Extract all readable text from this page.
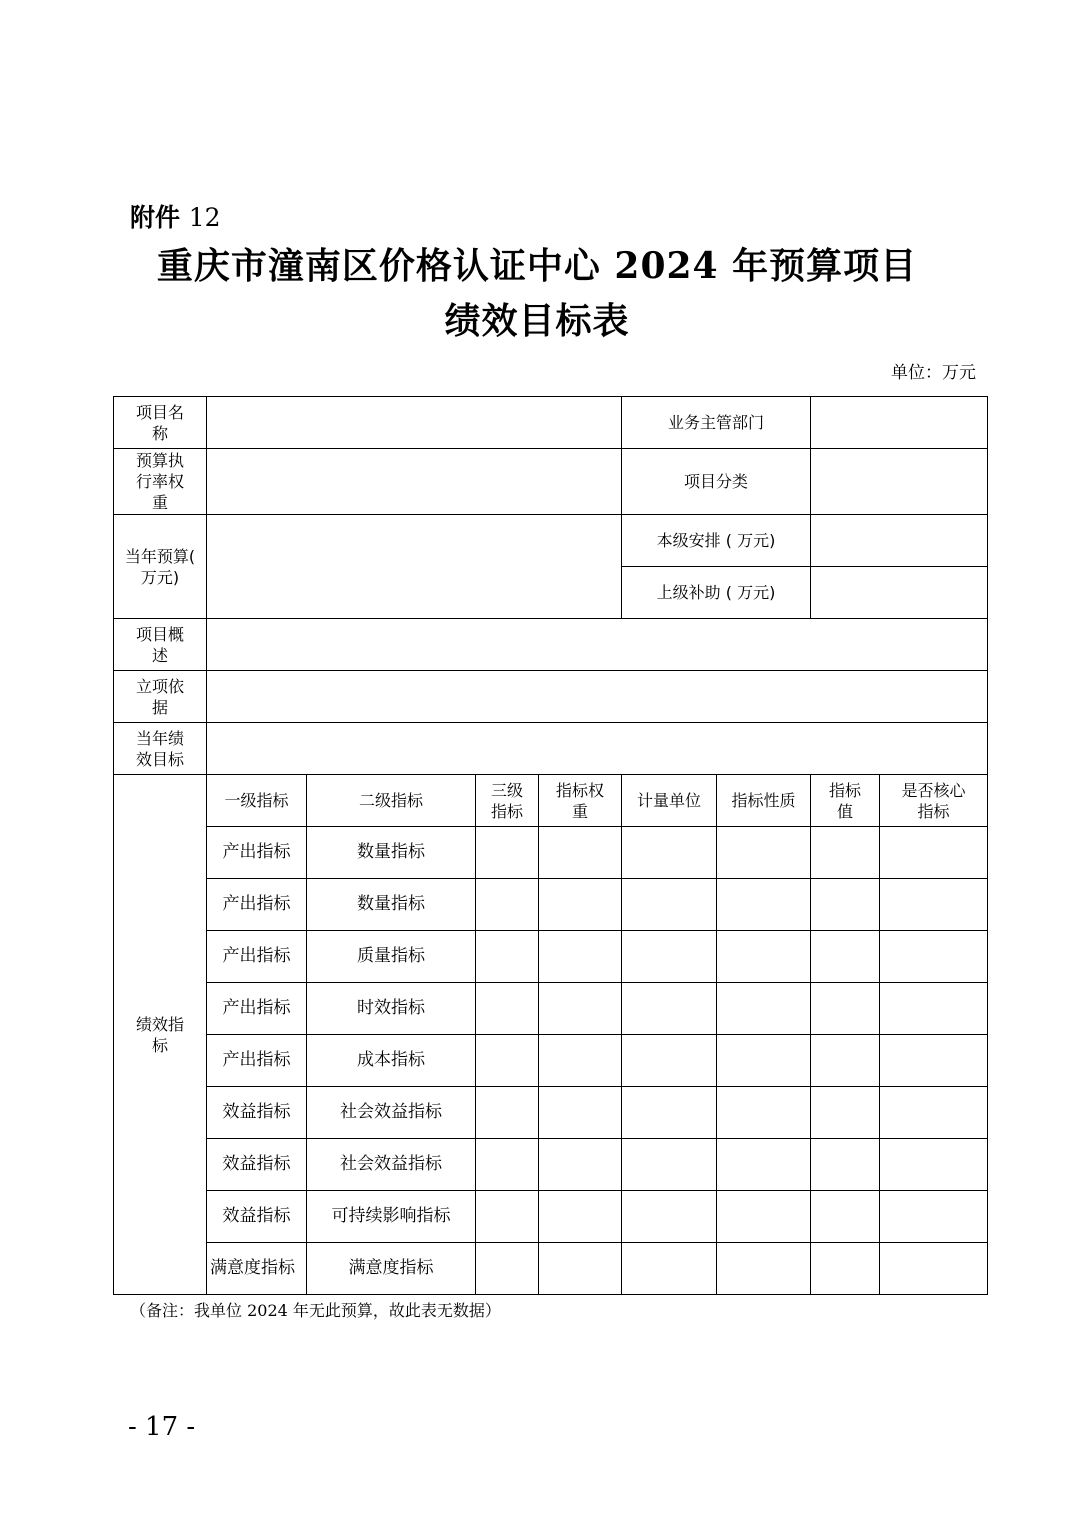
附件 12
重庆市潼南区价格认证中心 2024 年预算项目
绩效目标表
单位：万元
项目名称					业务主管部门			
预算执行率权重					项目分类			
当年预算( 万元)					本级安排 ( 万元)			
					上级补助 ( 万元)			
项目概述								
立项依据								
当年绩效目标								
绩效指标	一级指标	二级指标	三级指标	指标权重	计量单位	指标性质	指标值	是否核心指标
	产出指标	数量指标						
	产出指标	数量指标						
	产出指标	质量指标						
	产出指标	时效指标						
	产出指标	成本指标						
	效益指标	社会效益指标						
	效益指标	社会效益指标						
	效益指标	可持续影响指标						
	满意度指标	满意度指标						
（备注：我单位 2024 年无此预算，故此表无数据）
- 17 -
